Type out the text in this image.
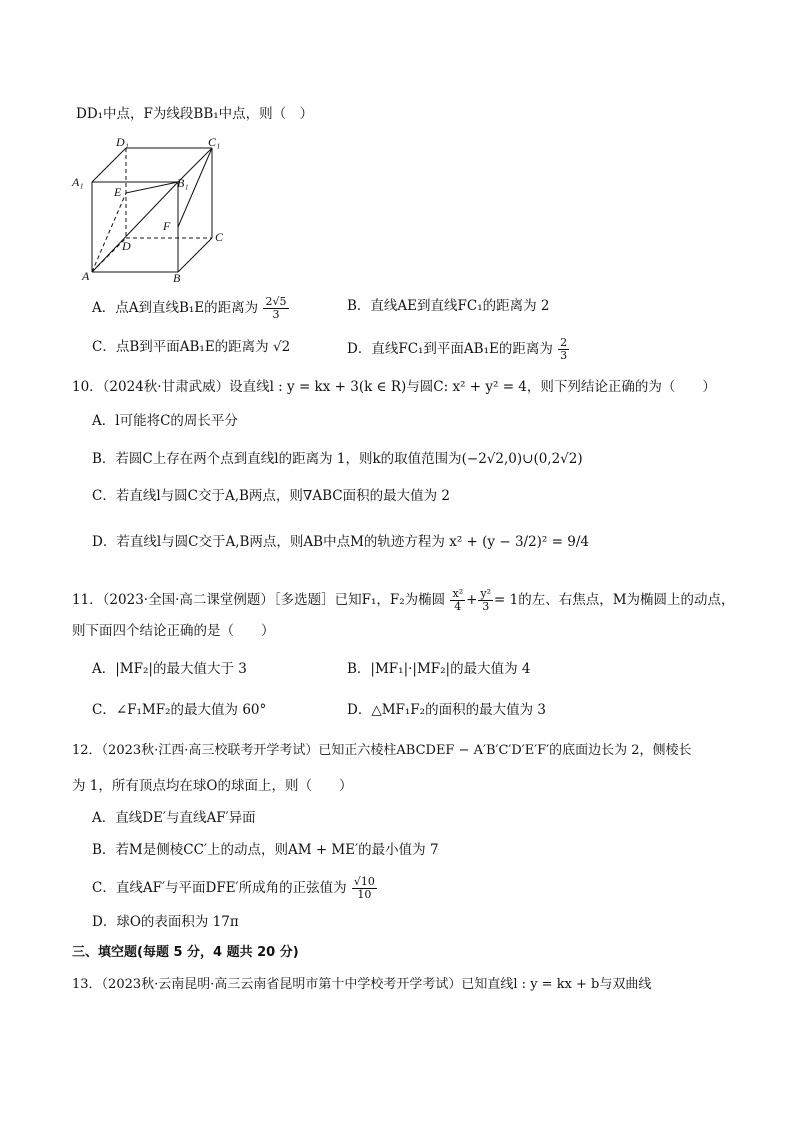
DD₁中点，F为线段BB₁中点，则（　）
D₁	C₁
A₁	B₁
E
F
D
C
A	B
A．点A到直线B₁E的距离为 $\frac{2√5}{3}$	B．直线AE到直线FC₁的距离为 2
C．点B到平面AB₁E的距离为 √2	D．直线FC₁到平面AB₁E的距离为 $\frac{2}{3}$
10．（2024秋·甘肃武威）设直线l : y = kx + 3(k ∈ R)与圆C: x² + y² = 4，则下列结论正确的为（　　）
A．l可能将C的周长平分
B．若圆C上存在两个点到直线l的距离为 1，则k的取值范围为(−2√2,0)∪(0,2√2)
C．若直线l与圆C交于A,B两点，则∇ABC面积的最大值为 2
D．若直线l与圆C交于A,B两点，则AB中点M的轨迹方程为 x² + (y − 3/2)² = 9/4
11．（2023·全国·高二课堂例题）［多选题］已知F₁，F₂为椭圆 $\frac{\text{x²}}{4} + \frac{\text{y²}}{3} = 1$的左、右焦点，M为椭圆上的动点，
则下面四个结论正确的是（　　）
A．|MF₂|的最大值大于 3	B．|MF₁|·|MF₂|的最大值为 4
C．∠F₁MF₂的最大值为 60°	D．△MF₁F₂的面积的最大值为 3
12．（2023秋·江西·高三校联考开学考试）已知正六棱柱ABCDEF − A′B′C′D′E′F′的底面边长为 2，侧棱长
为 1，所有顶点均在球O的球面上，则（　　）
A．直线DE′与直线AF′异面
B．若M是侧棱CC′上的动点，则AM + ME′的最小值为 7
C．直线AF′与平面DFE′所成角的正弦值为 $\frac{√10}{10}$
D．球O的表面积为 17π
三、填空题(每题 5 分，4 题共 20 分)
13．（2023秋·云南昆明·高三云南省昆明市第十中学校考开学考试）已知直线l : y = kx + b与双曲线
